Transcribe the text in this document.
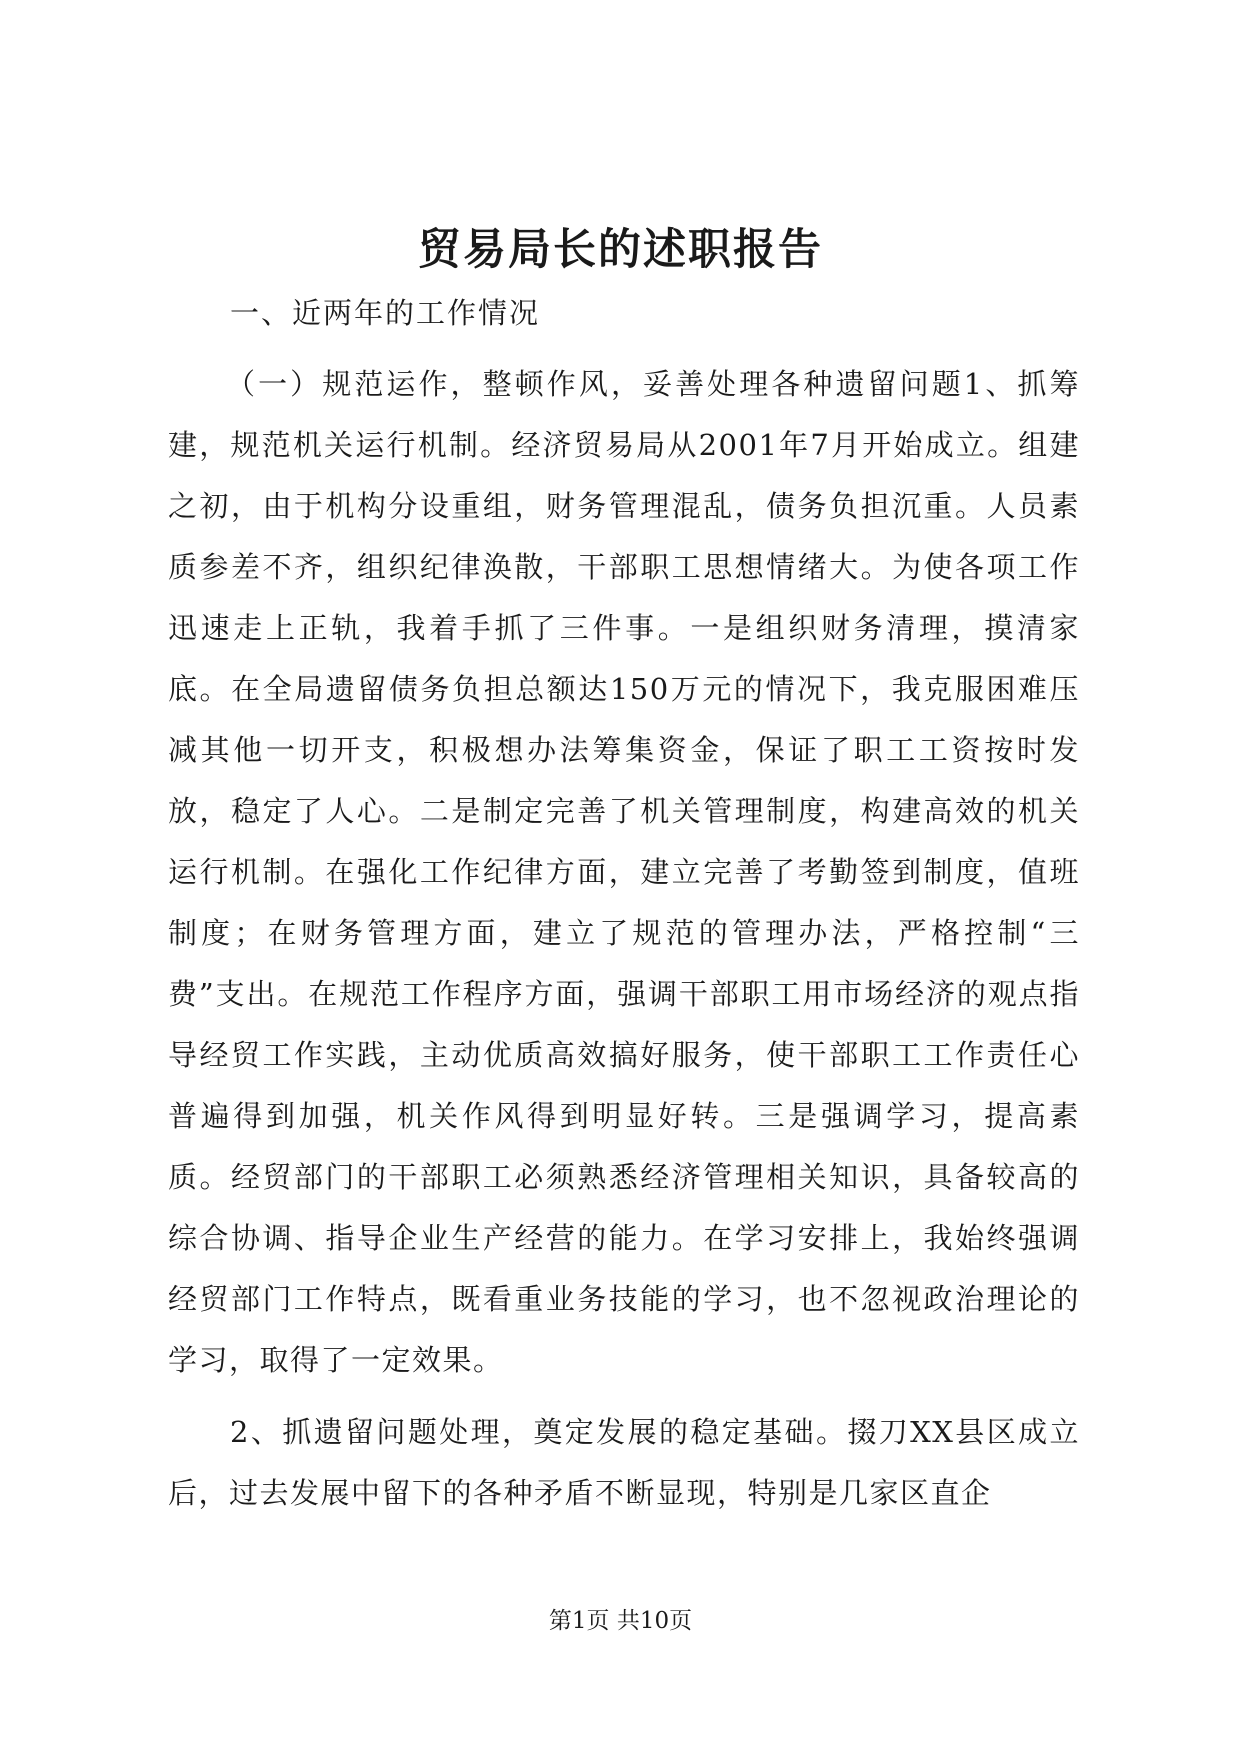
贸易局长的述职报告

一、近两年的工作情况

（一）规范运作，整顿作风，妥善处理各种遗留问题1、抓筹建，规范机关运行机制。经济贸易局从2001年7月开始成立。组建之初，由于机构分设重组，财务管理混乱，债务负担沉重。人员素质参差不齐，组织纪律涣散，干部职工思想情绪大。为使各项工作迅速走上正轨，我着手抓了三件事。一是组织财务清理，摸清家底。在全局遗留债务负担总额达150万元的情况下，我克服困难压减其他一切开支，积极想办法筹集资金，保证了职工工资按时发放，稳定了人心。二是制定完善了机关管理制度，构建高效的机关运行机制。在强化工作纪律方面，建立完善了考勤签到制度，值班制度；在财务管理方面，建立了规范的管理办法，严格控制“三费”支出。在规范工作程序方面，强调干部职工用市场经济的观点指导经贸工作实践，主动优质高效搞好服务，使干部职工工作责任心普遍得到加强，机关作风得到明显好转。三是强调学习，提高素质。经贸部门的干部职工必须熟悉经济管理相关知识，具备较高的综合协调、指导企业生产经营的能力。在学习安排上，我始终强调经贸部门工作特点，既看重业务技能的学习，也不忽视政治理论的学习，取得了一定效果。

2、抓遗留问题处理，奠定发展的稳定基础。掇刀XX县区成立后，过去发展中留下的各种矛盾不断显现，特别是几家区直企

第1页 共10页
